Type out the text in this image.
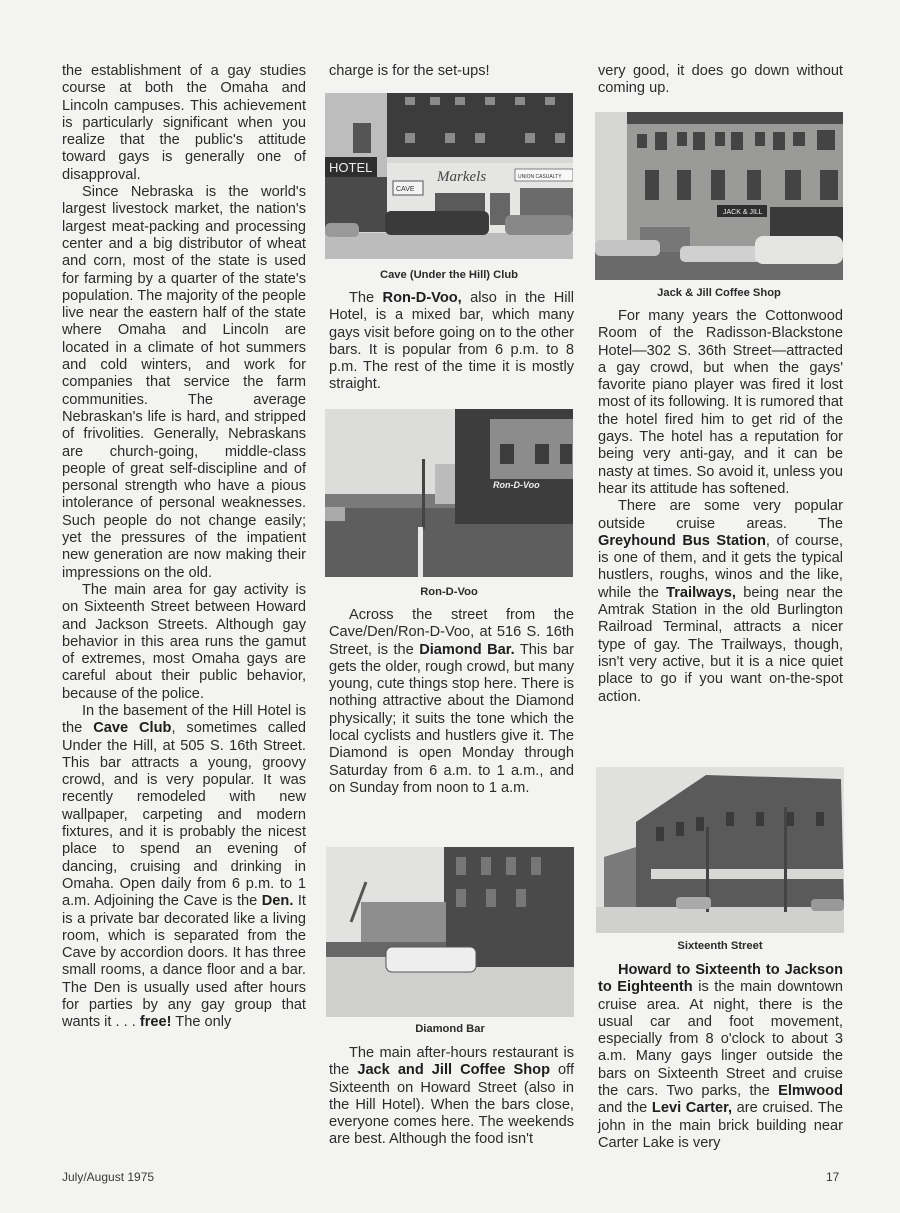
the establishment of a gay studies course at both the Omaha and Lincoln campuses. This achievement is particularly significant when you realize that the public's attitude toward gays is generally one of disapproval.

Since Nebraska is the world's largest livestock market, the nation's largest meat-packing and processing center and a big distributor of wheat and corn, most of the state is used for farming by a quarter of the state's population. The majority of the people live near the eastern half of the state where Omaha and Lincoln are located in a climate of hot summers and cold winters, and work for companies that service the farm communities. The average Nebraskan's life is hard, and stripped of frivolities. Generally, Nebraskans are church-going, middle-class people of great self-discipline and of personal strength who have a pious intolerance of personal weaknesses. Such people do not change easily; yet the pressures of the impatient new generation are now making their impressions on the old.

The main area for gay activity is on Sixteenth Street between Howard and Jackson Streets. Although gay behavior in this area runs the gamut of extremes, most Omaha gays are careful about their public behavior, because of the police.

In the basement of the Hill Hotel is the Cave Club, sometimes called Under the Hill, at 505 S. 16th Street. This bar attracts a young, groovy crowd, and is very popular. It was recently remodeled with new wallpaper, carpeting and modern fixtures, and it is probably the nicest place to spend an evening of dancing, cruising and drinking in Omaha. Open daily from 6 p.m. to 1 a.m. Adjoining the Cave is the Den. It is a private bar decorated like a living room, which is separated from the Cave by accordion doors. It has three small rooms, a dance floor and a bar. The Den is usually used after hours for parties by any gay group that wants it . . . free! The only

charge is for the set-ups!

HOTEL
Markels
CAVE
UNION CASUALTY
Cave (Under the Hill) Club

The Ron-D-Voo, also in the Hill Hotel, is a mixed bar, which many gays visit before going on to the other bars. It is popular from 6 p.m. to 8 p.m. The rest of the time it is mostly straight.

Ron-D-Voo
Ron-D-Voo

Across the street from the Cave/Den/Ron-D-Voo, at 516 S. 16th Street, is the Diamond Bar. This bar gets the older, rough crowd, but many young, cute things stop here. There is nothing attractive about the Diamond physically; it suits the tone which the local cyclists and hustlers give it. The Diamond is open Monday through Saturday from 6 a.m. to 1 a.m., and on Sunday from noon to 1 a.m.

Diamond Bar

The main after-hours restaurant is the Jack and Jill Coffee Shop off Sixteenth on Howard Street (also in the Hill Hotel). When the bars close, everyone comes here. The weekends are best. Although the food isn't

very good, it does go down without coming up.

JACK & JILL
Jack & Jill Coffee Shop

For many years the Cottonwood Room of the Radisson-Blackstone Hotel—302 S. 36th Street—attracted a gay crowd, but when the gays' favorite piano player was fired it lost most of its following. It is rumored that the hotel fired him to get rid of the gays. The hotel has a reputation for being very anti-gay, and it can be nasty at times. So avoid it, unless you hear its attitude has softened.

There are some very popular outside cruise areas. The Greyhound Bus Station, of course, is one of them, and it gets the typical hustlers, roughs, winos and the like, while the Trailways, being near the Amtrak Station in the old Burlington Railroad Terminal, attracts a nicer type of gay. The Trailways, though, isn't very active, but it is a nice quiet place to go if you want on-the-spot action.

Sixteenth Street

Howard to Sixteenth to Jackson to Eighteenth is the main downtown cruise area. At night, there is the usual car and foot movement, especially from 8 o'clock to about 3 a.m. Many gays linger outside the bars on Sixteenth Street and cruise the cars. Two parks, the Elmwood and the Levi Carter, are cruised. The john in the main brick building near Carter Lake is very

July/August 1975	17
